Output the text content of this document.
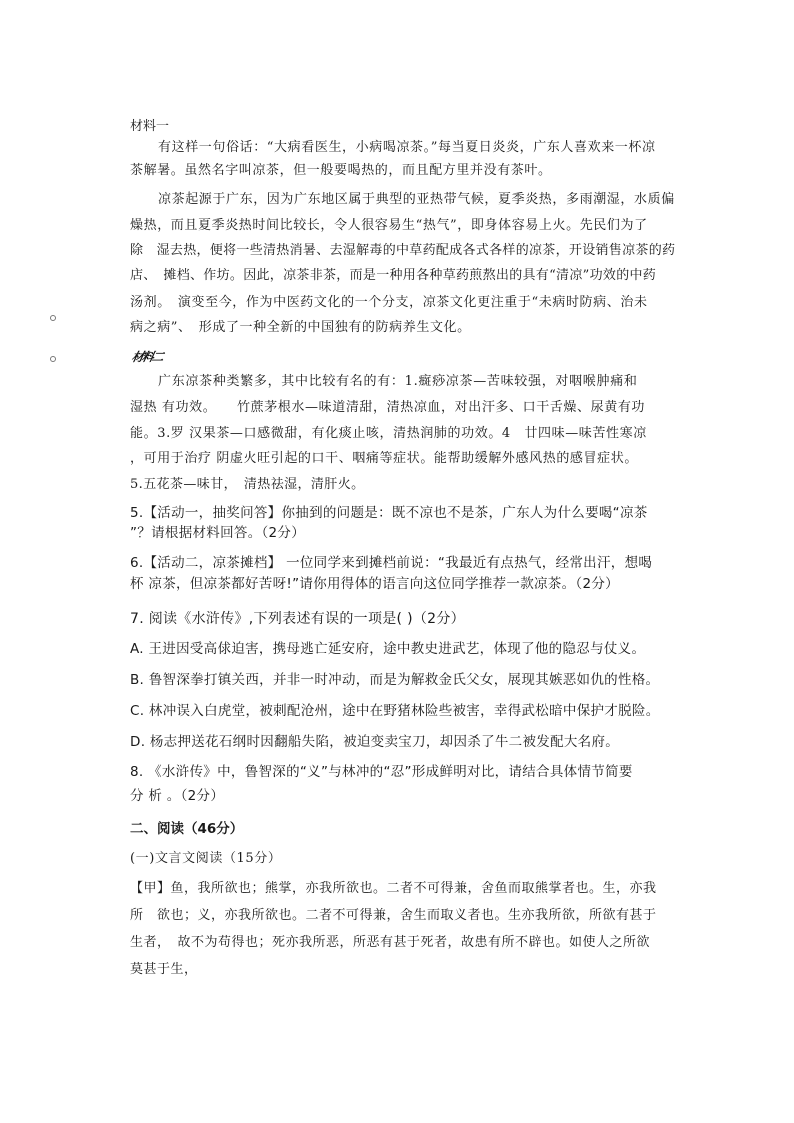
材料一
有这样一句俗话：“大病看医生，小病喝凉茶。”每当夏日炎炎，广东人喜欢来一杯凉
茶解暑。虽然名字叫凉茶，但一般要喝热的，而且配方里并没有茶叶。
凉茶起源于广东，因为广东地区属于典型的亚热带气候，夏季炎热，多雨潮湿，水质偏
燥热，而且夏季炎热时间比较长，令人很容易生“热气”，即身体容易上火。先民们为了
除　湿去热，便将一些清热消暑、去湿解毒的中草药配成各式各样的凉茶，开设销售凉茶的药
店、　摊档、作坊。因此，凉茶非茶，而是一种用各种草药煎熬出的具有“清凉”功效的中药
汤剂。　演变至今，作为中医药文化的一个分支，凉茶文化更注重于“未病时防病、治未
病之病”、　形成了一种全新的中国独有的防病养生文化。
材料二
广东凉茶种类繁多，其中比较有名的有：1.癍痧凉茶—苦味较强，对咽喉肿痛和
湿热 有功效。　　竹蔗茅根水—味道清甜，清热凉血，对出汗多、口干舌燥、尿黄有功
能。3.罗 汉果茶—口感微甜，有化痰止咳，清热润肺的功效。4　廿四味—味苦性寒凉
，可用于治疗 阴虚火旺引起的口干、咽痛等症状。能帮助缓解外感风热的感冒症状。
5.五花茶—味甘，　清热祛湿，清肝火。
5.【活动一，抽奖问答】你抽到的问题是：既不凉也不是茶，广东人为什么要喝“凉茶
”？请根据材料回答。（2分）
6.【活动二，凉茶摊档】 一位同学来到摊档前说：“我最近有点热气，经常出汗，想喝
杯 凉茶，但凉茶都好苦呀!”请你用得体的语言向这位同学推荐一款凉茶。（2分）
7. 阅读《水浒传》,下列表述有误的一项是( )（2分）
A. 王进因受高俅迫害，携母逃亡延安府，途中教史进武艺，体现了他的隐忍与仗义。
B. 鲁智深拳打镇关西，并非一时冲动，而是为解救金氏父女，展现其嫉恶如仇的性格。
C. 林冲误入白虎堂，被刺配沧州，途中在野猪林险些被害，幸得武松暗中保护才脱险。
D. 杨志押送花石纲时因翻船失陷，被迫变卖宝刀，却因杀了牛二被发配大名府。
8. 《水浒传》中，鲁智深的“义”与林冲的“忍”形成鲜明对比，请结合具体情节简要
分 析 。（2分）
二、阅读（46分）
(一)文言文阅读（15分）
【甲】鱼，我所欲也；熊掌，亦我所欲也。二者不可得兼，舍鱼而取熊掌者也。生，亦我
所　欲也；义，亦我所欲也。二者不可得兼，舍生而取义者也。生亦我所欲，所欲有甚于
生者，　故不为苟得也；死亦我所恶，所恶有甚于死者，故患有所不辟也。如使人之所欲
莫甚于生，
